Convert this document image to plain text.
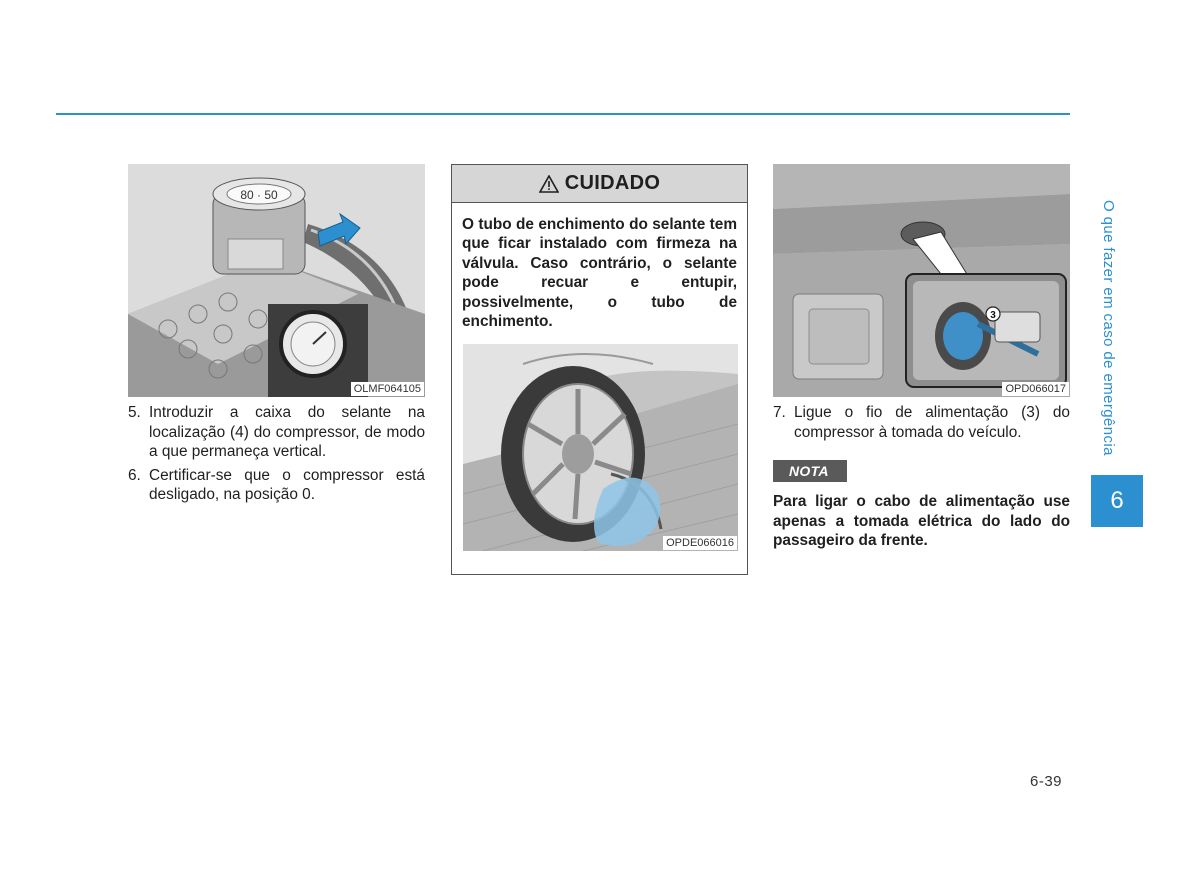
80 · 50
OLMF064105
5. Introduzir a caixa do selante na localização (4) do compressor, de modo a que permaneça vertical.
6. Certificar-se que o compressor está desligado, na posição 0.
CUIDADO
O tubo de enchimento do selante tem que ficar instalado com firmeza na válvula. Caso contrário, o selante pode recuar e entupir, possivelmente, o tubo de enchimento.
OPDE066016
3
OPD066017
7. Ligue o fio de alimentação (3) do compressor à tomada do veículo.
NOTA
Para ligar o cabo de alimentação use apenas a tomada elétrica do lado do passageiro da frente.
O que fazer em caso de emergência
6
6-39
